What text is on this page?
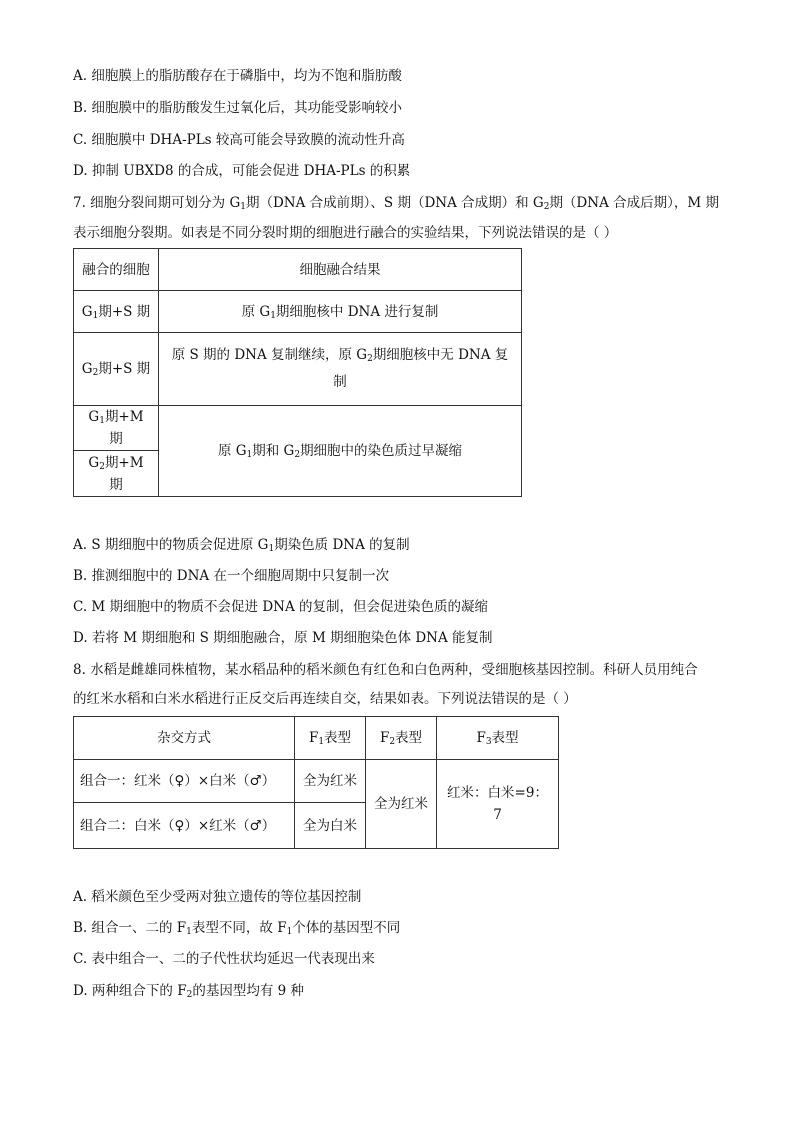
A. 细胞膜上的脂肪酸存在于磷脂中，均为不饱和脂肪酸
B. 细胞膜中的脂肪酸发生过氧化后，其功能受影响较小
C. 细胞膜中 DHA-PLs 较高可能会导致膜的流动性升高
D. 抑制 UBXD8 的合成，可能会促进 DHA-PLs 的积累
7. 细胞分裂间期可划分为 $G_1$期（DNA 合成前期）、S 期（DNA 合成期）和 $G_2$期（DNA 合成后期），M 期
表示细胞分裂期。如表是不同分裂时期的细胞进行融合的实验结果，下列说法错误的是（ ）
融合的细胞	细胞融合结果
$G_1$期+S 期	原 $G_1$期细胞核中 DNA 进行复制
$G_2$期+S 期	原 S 期的 DNA 复制继续，原 $G_2$期细胞核中无 DNA 复
制
$G_1$期+M 期	原 $G_1$期和 $G_2$期细胞中的染色质过早凝缩
$G_2$期+M 期	
A. S 期细胞中的物质会促进原 $G_1$期染色质 DNA 的复制
B. 推测细胞中的 DNA 在一个细胞周期中只复制一次
C. M 期细胞中的物质不会促进 DNA 的复制，但会促进染色质的凝缩
D. 若将 M 期细胞和 S 期细胞融合，原 M 期细胞染色体 DNA 能复制
8. 水稻是雌雄同株植物，某水稻品种的稻米颜色有红色和白色两种，受细胞核基因控制。科研人员用纯合
的红米水稻和白米水稻进行正反交后再连续自交，结果如表。下列说法错误的是（ ）
杂交方式	$F_1$表型	$F_2$表型	$F_3$表型
组合一：红米（♀）×白米（♂）	全为红米	全为红米	红米：白米=9：7
组合二：白米（♀）×红米（♂）	全为白米		
A. 稻米颜色至少受两对独立遗传的等位基因控制
B. 组合一、二的 $F_1$表型不同，故 $F_1$个体的基因型不同
C. 表中组合一、二的子代性状均延迟一代表现出来
D. 两种组合下的 $F_2$的基因型均有 9 种
